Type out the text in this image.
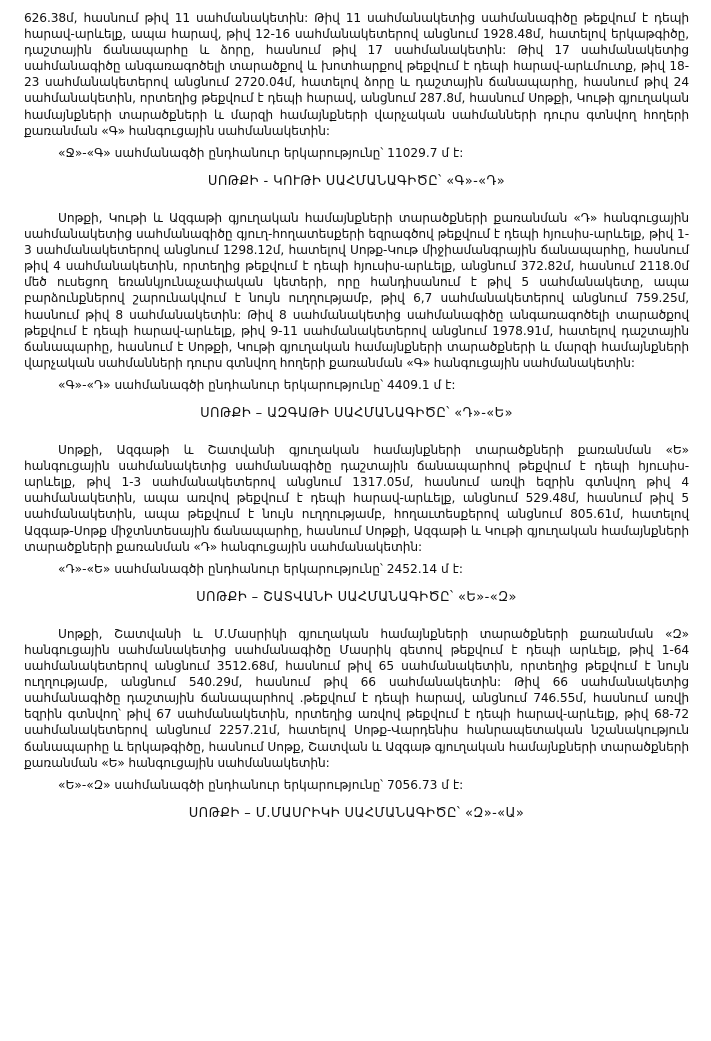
626.38մ, հասնում թիվ 11 սահմանակետին: Թիվ 11 սահմանակետից սահմանագիծը թեքվում է դեպի հարավ-արևելք, ապա հարավ, թիվ 12-16 սահմանակետերով անցնում 1928.48մ, հատելով երկաթգիծը, դաշտային ճանապարհը և ձորը, հասնում թիվ 17 սահմանակետին: Թիվ 17 սահմանակետից սահմանագիծը անգառագոծելի տարածքով և խոտհարքով թեքվում է դեպի հարավ-արևմուտք, թիվ 18-23 սահմանակետերով անցնում 2720.04մ, հատելով ձորը և դաշտային ճանապարհը, հասնում թիվ 24 սահմանակետին, որտեղից թեքվում է դեպի հարավ, անցնում 287.8մ, հասնում Սոթքի, Կութի գյուղական համայնքների տարածքների և մարզի համայնքների վարչական սահմանների դուրս գտնվող հողերի քառանման «Գ» հանգուցային սահմանակետին:

«Ջ»-«Գ» սահմանագծի ընդհանուր երկարությունը՝ 11029.7 մ է:

ՍՈԹՔԻ - ԿՈՒԹԻ ՍԱՀՄԱՆԱԳԻԾԸ՝ «Գ»-«Դ»

Սոթքի, Կութի և Ազգաթի գյուղական համայնքների տարածքների քառանման «Դ» հանգուցային սահմանակետից սահմանագիծը գյուղ-հողատեսքերի եզրագծով թեքվում է դեպի հյուսիս-արևելք, թիվ 1-3 սահմանակետերով անցնում 1298.12մ, հատելով Սոթք-Կութ միջիամանգրային ճանապարհը, հասնում թիվ 4 սահմանակետին, որտեղից թեքվում է դեպի հյուսիս-արևելք, անցնում 372.82մ, հասնում 2118.0մ մեծ ուսեցող եռանկյունաչափական կետերի, որը հանդիսանում է թիվ 5 սահմանակետը, ապա բարձունքներով շարունակվում է նույն ուղղությամբ, թիվ 6,7 սահմանակետերով անցնում 759.25մ, հասնում թիվ 8 սահմանակետին: Թիվ 8 սահմանակետից սահմանագիծը անգառագոծելի տարածքով թեքվում է դեպի հարավ-արևելք, թիվ 9-11 սահմանակետերով անցնում 1978.91մ, հատելով դաշտային ճանապարհը, հասնում է Սոթքի, Կութի գյուղական համայնքների տարածքների և մարզի համայնքների վարչական սահմանների դուրս գտնվող հողերի քառանման «Գ» հանգուցային սահմանակետին:

«Գ»-«Դ» սահմանագծի ընդհանուր երկարությունը՝ 4409.1 մ է:

ՍՈԹՔԻ – ԱԶԳԱԹԻ ՍԱՀՄԱՆԱԳԻԾԸ՝ «Դ»-«Ե»

Սոթքի, Ազգաթի և Շատվանի գյուղական համայնքների տարածքների քառանման «Ե» հանգուցային սահմանակետից սահմանագիծը դաշտային ճանապարհով թեքվում է դեպի հյուսիս-արևելք, թիվ 1-3 սահմանակետերով անցնում 1317.05մ, հասնում առվի եզրին գտնվող թիվ 4 սահմանակետին, ապա առվով թեքվում է դեպի հարավ-արևելք, անցնում 529.48մ, հասնում թիվ 5 սահմանակետին, ապա թեքվում է նույն ուղղությամբ, հողաւտեսքերով անցնում 805.61մ, հատելով Ազգաթ-Սոթք միջտնտեսային ճանապարհը, հասնում Սոթքի, Ազգաթի և Կութի գյուղական համայնքների տարածքների քառանման «Դ» հանգուցային սահմանակետին:

«Դ»-«Ե» սահմանագծի ընդհանուր երկարությունը՝ 2452.14 մ է:

ՍՈԹՔԻ – ՇԱՏՎԱՆԻ ՍԱՀՄԱՆԱԳԻԾԸ՝ «Ե»-«Զ»

Սոթքի, Շատվանի և Մ.Մասրիկի գյուղական համայնքների տարածքների քառանման «Զ» հանգուցային սահմանակետից սահմանագիծը Մասրիկ գետով թեքվում է դեպի արևելք, թիվ 1-64 սահմանակետերով անցնում 3512.68մ, հասնում թիվ 65 սահմանակետին, որտեղից թեքվում է նույն ուղղությամբ, անցնում 540.29մ, հասնում թիվ 66 սահմանակետին: Թիվ 66 սահմանակետից սահմանագիծը դաշտային ճանապարհով .թեքվում է դեպի հարավ, անցնում 746.55մ, հասնում առվի եզրին գտնվող՝ թիվ 67 սահմանակետին, որտեղից առվով թեքվում է դեպի հարավ-արևելք, թիվ 68-72 սահմանակետերով անցնում 2257.21մ, հատելով Սոթք-Վարդենիս հանրապետական նշանակություն ճանապարհը և երկաթգիծը, հասնում Սոթք, Շատվան և Ազգաթ գյուղական համայնքների տարածքների քառանման «Ե» հանգուցային սահմանակետին:

«Ե»-«Զ» սահմանագծի ընդհանուր երկարությունը՝ 7056.73 մ է:

ՍՈԹՔԻ – Մ.ՄԱՍՐԻԿԻ ՍԱՀՄԱՆԱԳԻԾԸ՝ «Զ»-«Ա»
